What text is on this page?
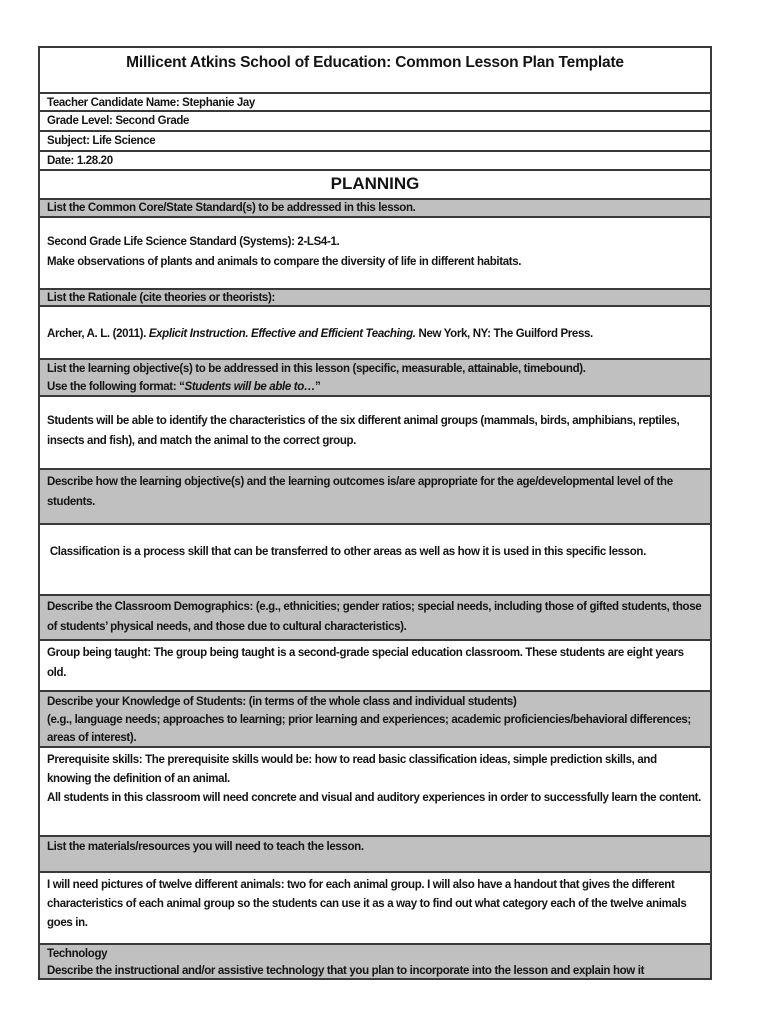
Millicent Atkins School of Education: Common Lesson Plan Template
Teacher Candidate Name: Stephanie Jay
Grade Level: Second Grade
Subject: Life Science
Date: 1.28.20
PLANNING
List the Common Core/State Standard(s) to be addressed in this lesson.

Second Grade Life Science Standard (Systems): 2-LS4-1.

Make observations of plants and animals to compare the diversity of life in different habitats.

List the Rationale (cite theories or theorists):

Archer, A. L. (2011). Explicit Instruction. Effective and Efficient Teaching. New York, NY: The Guilford Press.

List the learning objective(s) to be addressed in this lesson (specific, measurable, attainable, timebound).

Use the following format: “Students will be able to…”

Students will be able to identify the characteristics of the six different animal groups (mammals, birds, amphibians, reptiles, insects and fish), and match the animal to the correct group.

Describe how the learning objective(s) and the learning outcomes is/are appropriate for the age/developmental level of the students.

Classification is a process skill that can be transferred to other areas as well as how it is used in this specific lesson.

Describe the Classroom Demographics: (e.g., ethnicities; gender ratios; special needs, including those of gifted students, those of students’ physical needs, and those due to cultural characteristics).

Group being taught: The group being taught is a second-grade special education classroom. These students are eight years old.

Describe your Knowledge of Students: (in terms of the whole class and individual students)

(e.g., language needs; approaches to learning; prior learning and experiences; academic proficiencies/behavioral differences; areas of interest).

Prerequisite skills: The prerequisite skills would be: how to read basic classification ideas, simple prediction skills, and knowing the definition of an animal.

All students in this classroom will need concrete and visual and auditory experiences in order to successfully learn the content.

List the materials/resources you will need to teach the lesson.

I will need pictures of twelve different animals: two for each animal group. I will also have a handout that gives the different characteristics of each animal group so the students can use it as a way to find out what category each of the twelve animals goes in.

Technology

Describe the instructional and/or assistive technology that you plan to incorporate into the lesson and explain how it
